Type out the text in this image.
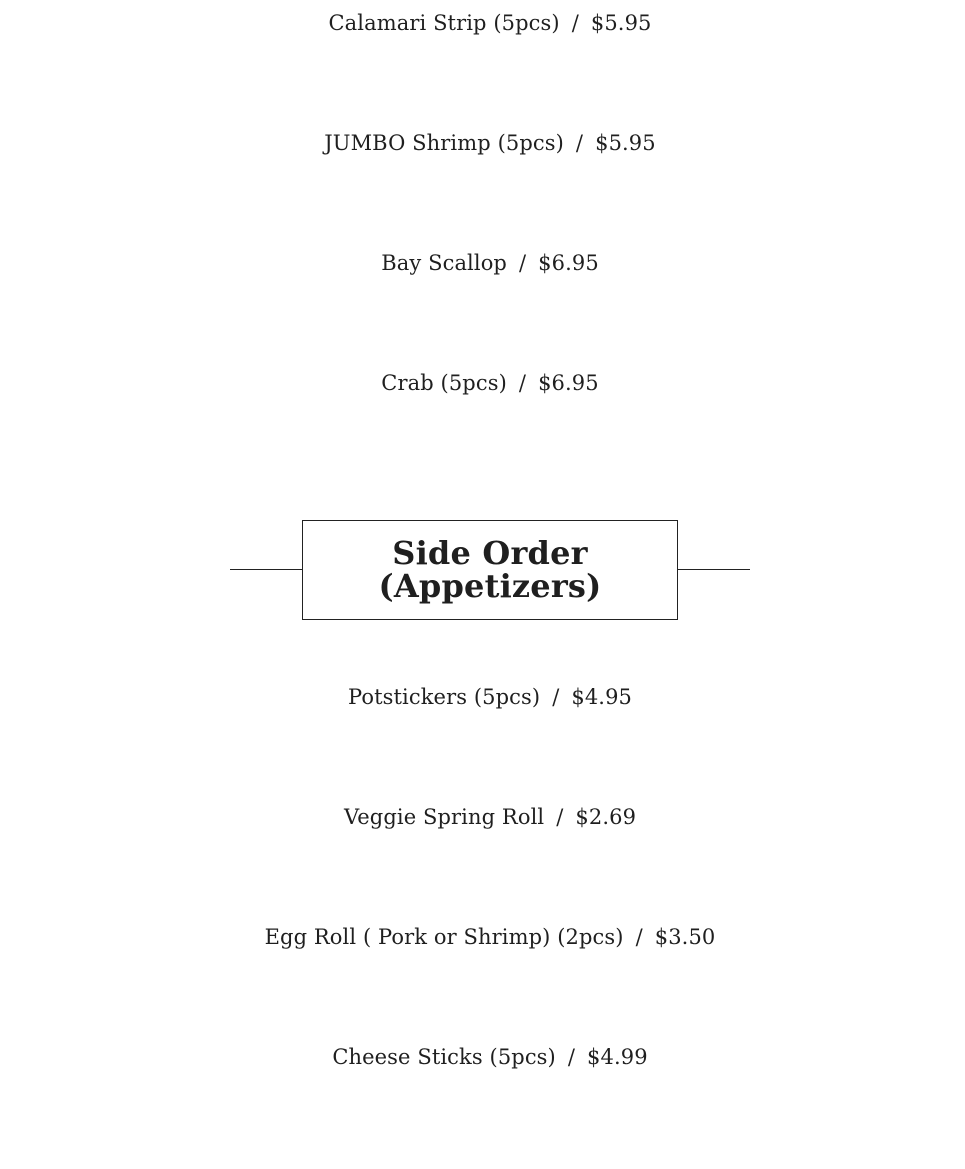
Calamari Strip (5pcs) / $5.95
JUMBO Shrimp (5pcs) / $5.95
Bay Scallop / $6.95
Crab (5pcs) / $6.95
Side Order
(Appetizers)
Potstickers (5pcs) / $4.95
Veggie Spring Roll / $2.69
Egg Roll ( Pork or Shrimp) (2pcs) / $3.50
Cheese Sticks (5pcs) / $4.99
